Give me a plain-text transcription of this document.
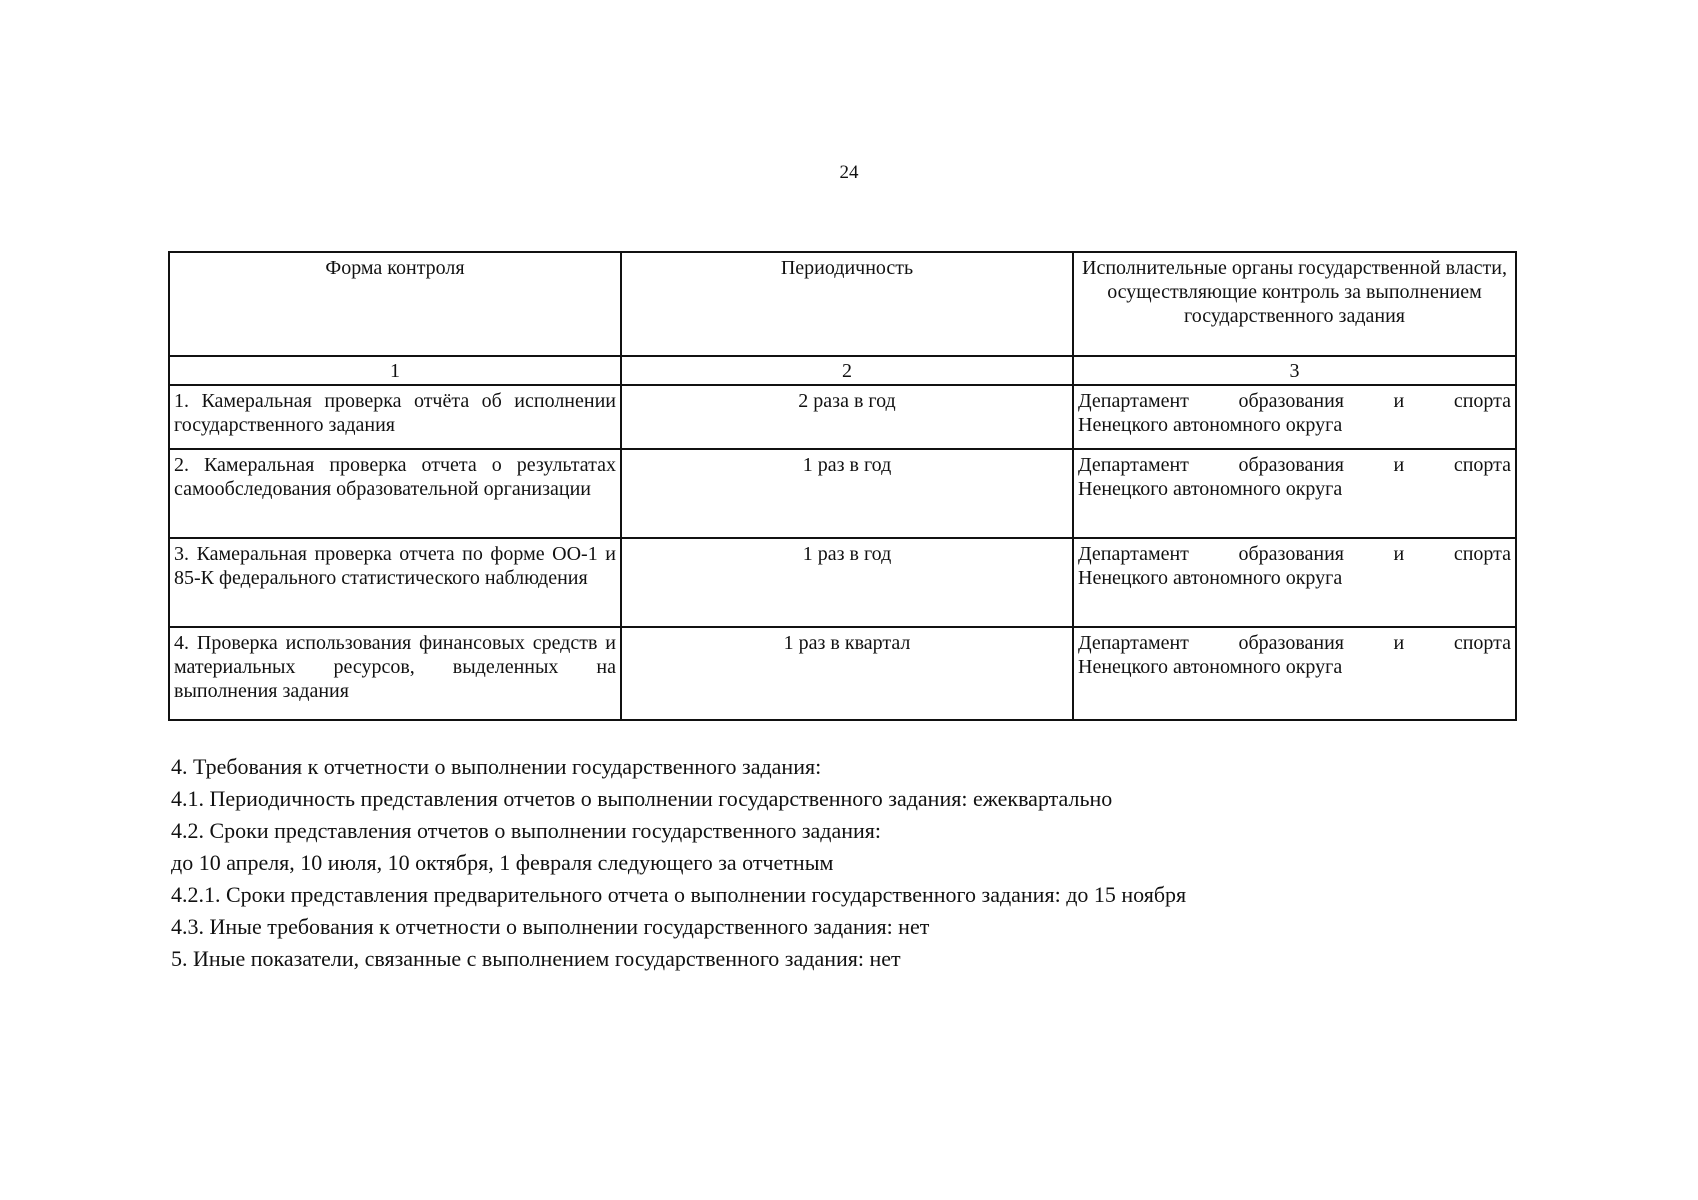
24
Форма контроля	Периодичность	Исполнительные органы государственной власти, осуществляющие контроль за выполнением государственного задания
1	2	3
1. Камеральная проверка отчёта об исполнении государственного задания	2 раза в год	Департамент образования и спорта
Ненецкого автономного округа

2. Камеральная проверка отчета о результатах самообследования образовательной организации	1 раз в год	Департамент образования и спорта
Ненецкого автономного округа

3. Камеральная проверка отчета по форме ОО-1 и 85-К федерального статистического наблюдения	1 раз в год	Департамент образования и спорта
Ненецкого автономного округа

4. Проверка использования финансовых средств и материальных ресурсов, выделенных на выполнения задания	1 раз в квартал	Департамент образования и спорта
Ненецкого автономного округа
4. Требования к отчетности о выполнении государственного задания:
4.1. Периодичность представления отчетов о выполнении государственного задания: ежеквартально
4.2. Сроки представления отчетов о выполнении государственного задания:
до 10 апреля, 10 июля, 10 октября, 1 февраля следующего за отчетным
4.2.1. Сроки представления предварительного отчета о выполнении государственного задания: до 15 ноября
4.3. Иные требования к отчетности о выполнении государственного задания: нет
5. Иные показатели, связанные с выполнением государственного задания: нет
